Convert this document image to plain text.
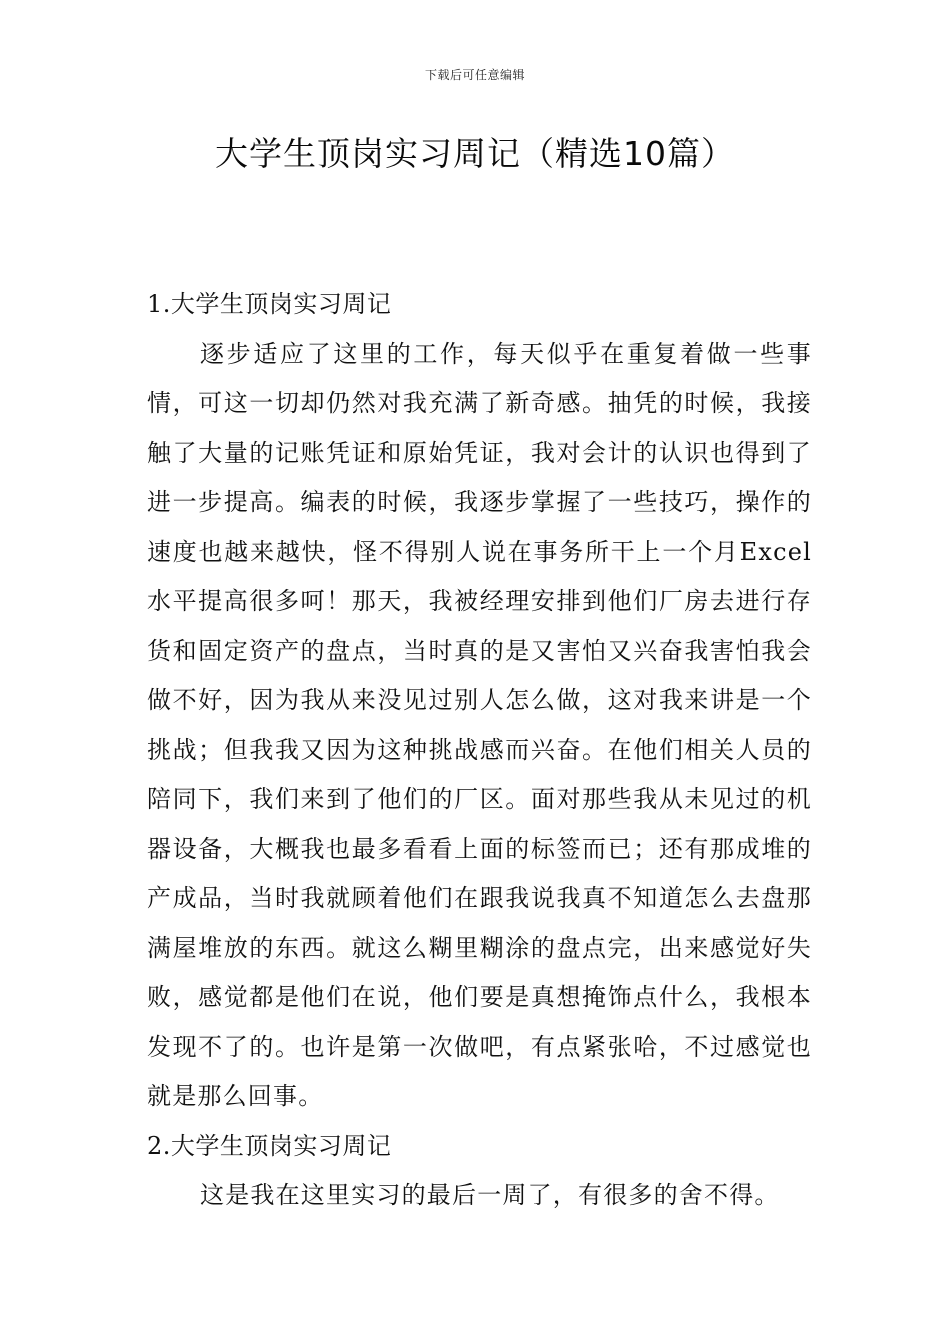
下载后可任意编辑
大学生顶岗实习周记（精选10篇）
1.大学生顶岗实习周记

逐步适应了这里的工作，每天似乎在重复着做一些事情，可这一切却仍然对我充满了新奇感。抽凭的时候，我接触了大量的记账凭证和原始凭证，我对会计的认识也得到了进一步提高。编表的时候，我逐步掌握了一些技巧，操作的速度也越来越快，怪不得别人说在事务所干上一个月Excel水平提高很多呵！那天，我被经理安排到他们厂房去进行存货和固定资产的盘点，当时真的是又害怕又兴奋我害怕我会做不好，因为我从来没见过别人怎么做，这对我来讲是一个挑战；但我我又因为这种挑战感而兴奋。在他们相关人员的陪同下，我们来到了他们的厂区。面对那些我从未见过的机器设备，大概我也最多看看上面的标签而已；还有那成堆的产成品，当时我就顾着他们在跟我说我真不知道怎么去盘那满屋堆放的东西。就这么糊里糊涂的盘点完，出来感觉好失败，感觉都是他们在说，他们要是真想掩饰点什么，我根本发现不了的。也许是第一次做吧，有点紧张哈，不过感觉也就是那么回事。

2.大学生顶岗实习周记

这是我在这里实习的最后一周了，有很多的舍不得。
